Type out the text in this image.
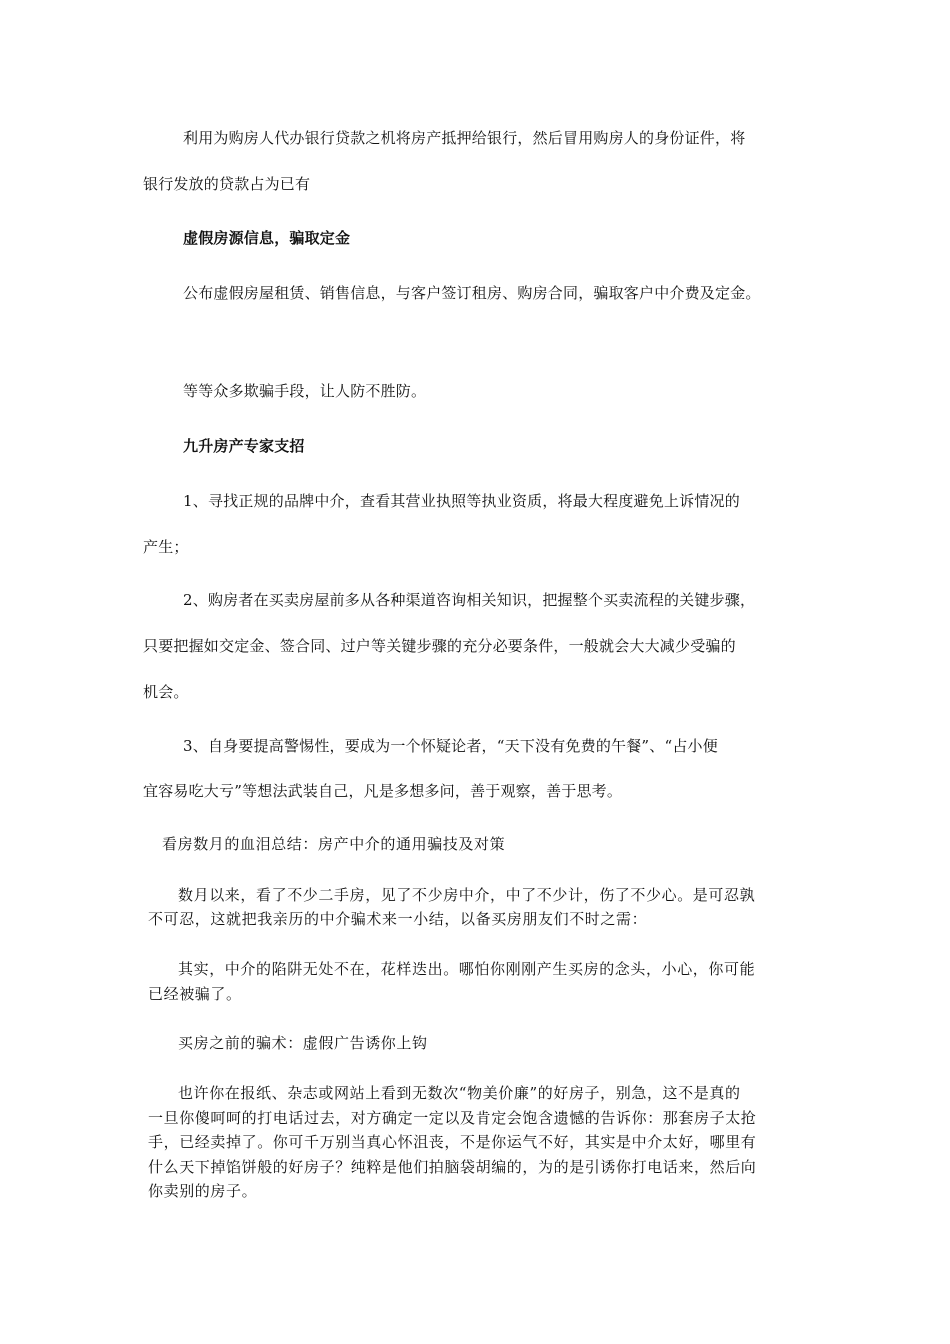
利用为购房人代办银行贷款之机将房产抵押给银行，然后冒用购房人的身份证件，将
银行发放的贷款占为已有
虚假房源信息，骗取定金
公布虚假房屋租赁、销售信息，与客户签订租房、购房合同，骗取客户中介费及定金。
等等众多欺骗手段，让人防不胜防。
九升房产专家支招
1、寻找正规的品牌中介，查看其营业执照等执业资质，将最大程度避免上诉情况的
产生；
2、购房者在买卖房屋前多从各种渠道咨询相关知识，把握整个买卖流程的关键步骤，
只要把握如交定金、签合同、过户等关键步骤的充分必要条件，一般就会大大减少受骗的
机会。
3、自身要提高警惕性，要成为一个怀疑论者，“天下没有免费的午餐”、“占小便
宜容易吃大亏”等想法武装自己，凡是多想多问，善于观察，善于思考。
看房数月的血泪总结：房产中介的通用骗技及对策
数月以来，看了不少二手房，见了不少房中介，中了不少计，伤了不少心。是可忍孰
不可忍，这就把我亲历的中介骗术来一小结，以备买房朋友们不时之需：
其实，中介的陷阱无处不在，花样迭出。哪怕你刚刚产生买房的念头，小心，你可能
已经被骗了。
买房之前的骗术：虚假广告诱你上钩
也许你在报纸、杂志或网站上看到无数次“物美价廉”的好房子，别急，这不是真的
一旦你傻呵呵的打电话过去，对方确定一定以及肯定会饱含遗憾的告诉你：那套房子太抢
手，已经卖掉了。你可千万别当真心怀沮丧，不是你运气不好，其实是中介太好，哪里有
什么天下掉馅饼般的好房子？纯粹是他们拍脑袋胡编的，为的是引诱你打电话来，然后向
你卖别的房子。
